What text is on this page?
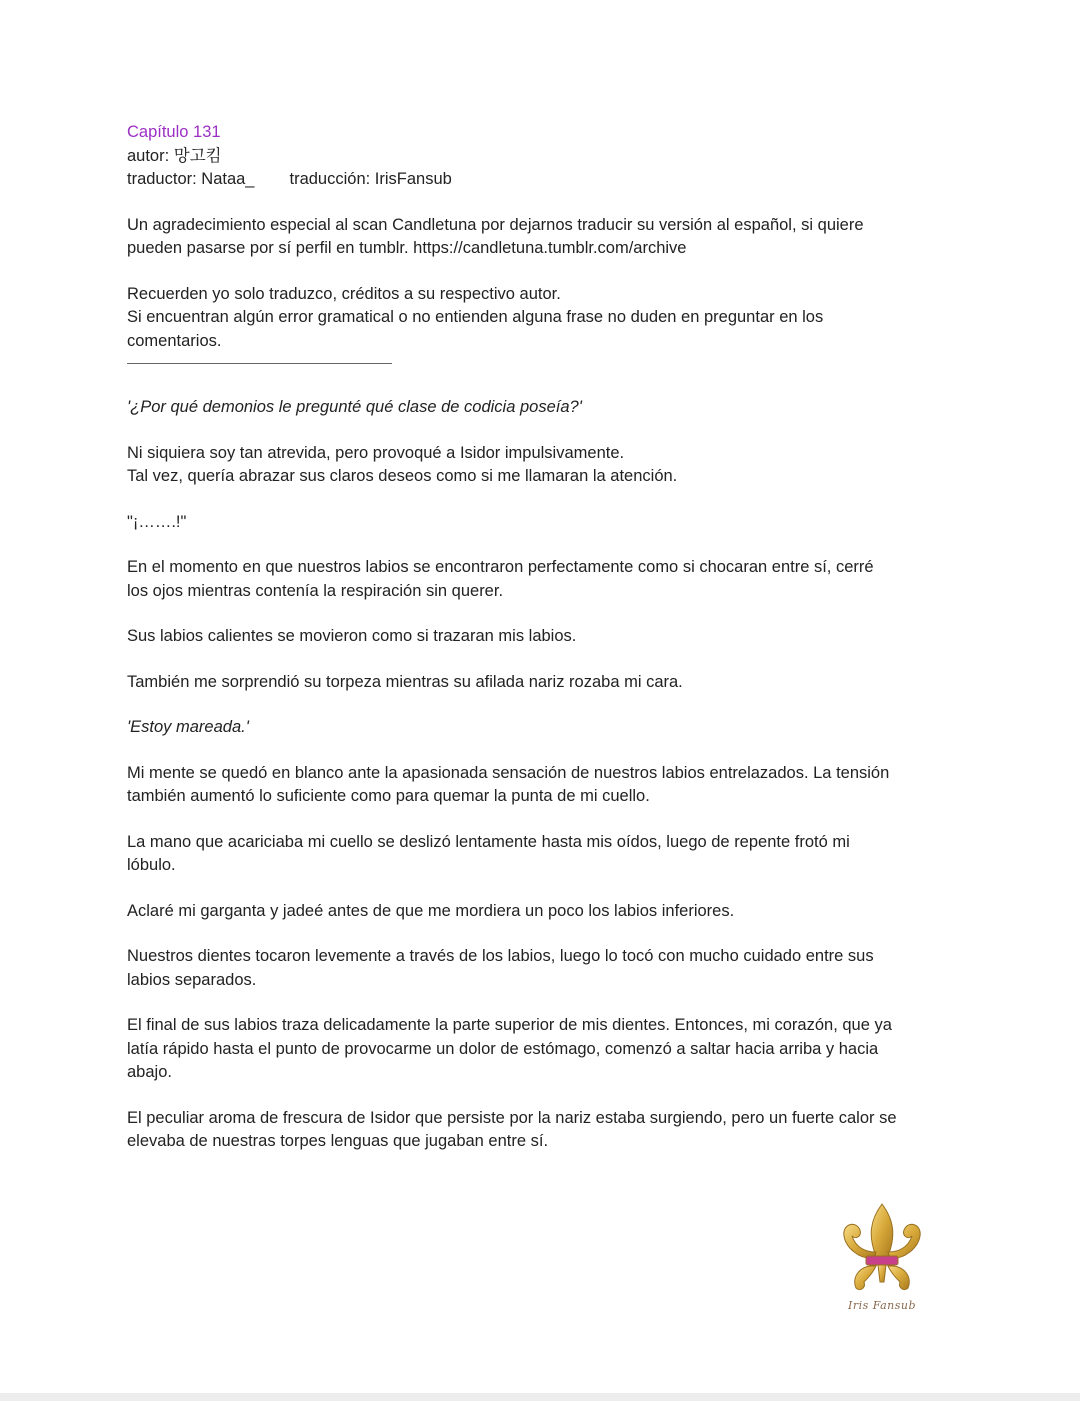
Capítulo 131

autor: 망고킴

traductor: Nataa_ traducción: IrisFansub

Un agradecimiento especial al scan Candletuna por dejarnos traducir su versión al español, si quiere

pueden pasarse por sí perfil en tumblr. https://candletuna.tumblr.com/archive

Recuerden yo solo traduzco, créditos a su respectivo autor.

Si encuentran algún error gramatical o no entienden alguna frase no duden en preguntar en los

comentarios.

'¿Por qué demonios le pregunté qué clase de codicia poseía?'

Ni siquiera soy tan atrevida, pero provoqué a Isidor impulsivamente.

Tal vez, quería abrazar sus claros deseos como si me llamaran la atención.

"¡…….!"

En el momento en que nuestros labios se encontraron perfectamente como si chocaran entre sí, cerré

los ojos mientras contenía la respiración sin querer.

Sus labios calientes se movieron como si trazaran mis labios.

También me sorprendió su torpeza mientras su afilada nariz rozaba mi cara.

'Estoy mareada.'

Mi mente se quedó en blanco ante la apasionada sensación de nuestros labios entrelazados. La tensión

también aumentó lo suficiente como para quemar la punta de mi cuello.

La mano que acariciaba mi cuello se deslizó lentamente hasta mis oídos, luego de repente frotó mi

lóbulo.

Aclaré mi garganta y jadeé antes de que me mordiera un poco los labios inferiores.

Nuestros dientes tocaron levemente a través de los labios, luego lo tocó con mucho cuidado entre sus

labios separados.

El final de sus labios traza delicadamente la parte superior de mis dientes. Entonces, mi corazón, que ya

latía rápido hasta el punto de provocarme un dolor de estómago, comenzó a saltar hacia arriba y hacia

abajo.

El peculiar aroma de frescura de Isidor que persiste por la nariz estaba surgiendo, pero un fuerte calor se

elevaba de nuestras torpes lenguas que jugaban entre sí.

Iris Fansub
